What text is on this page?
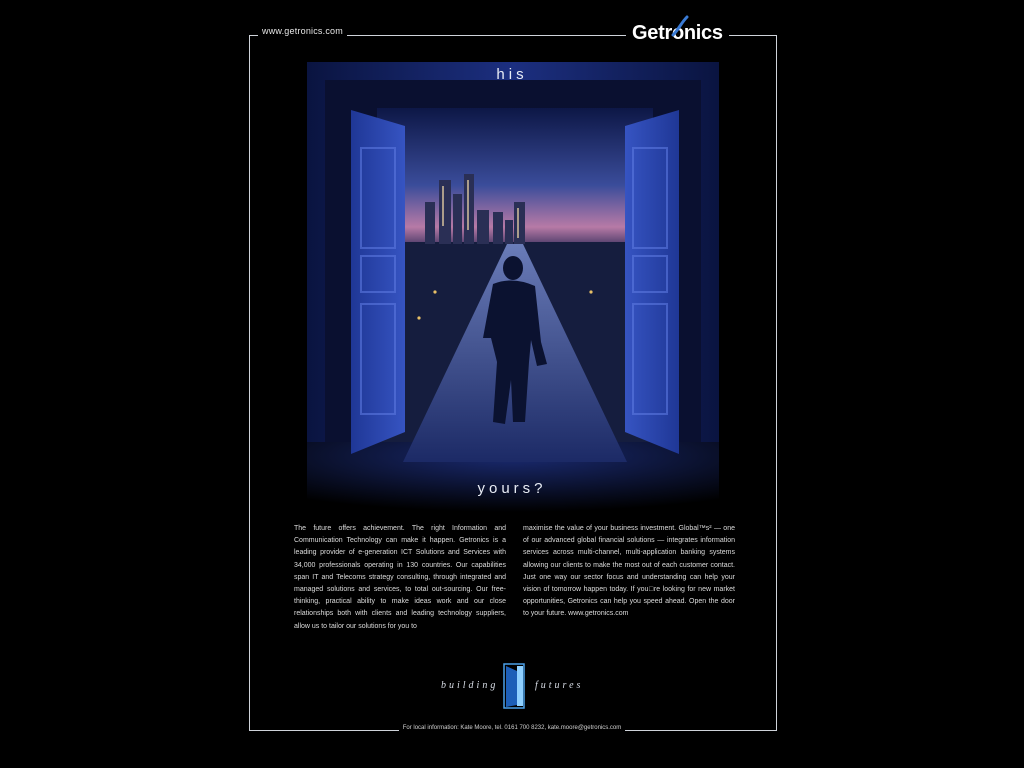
www.getronics.com	Getr o nics
his
yours?
The future offers achievement. The right Information and Communication Technology can make it happen. Getronics is a leading provider of e-generation ICT Solutions and Services with 34,000 professionals operating in 130 countries. Our capabilities span IT and Telecoms strategy consulting, through integrated and managed solutions and services, to total out-sourcing. Our free-thinking, practical ability to make ideas work and our close relationships both with clients and leading technology suppliers, allow us to tailor our solutions for you to
maximise the value of your business investment. Global™s² — one of our advanced global financial solutions — integrates information services across multi-channel, multi-application banking systems allowing our clients to make the most out of each customer contact. Just one way our sector focus and understanding can help your vision of tomorrow happen today. If you□re looking for new market opportunities, Getronics can help you speed ahead. Open the door to your future. www.getronics.com
building	futures
For local information: Kate Moore, tel. 0161 700 8232, kate.moore@getronics.com
